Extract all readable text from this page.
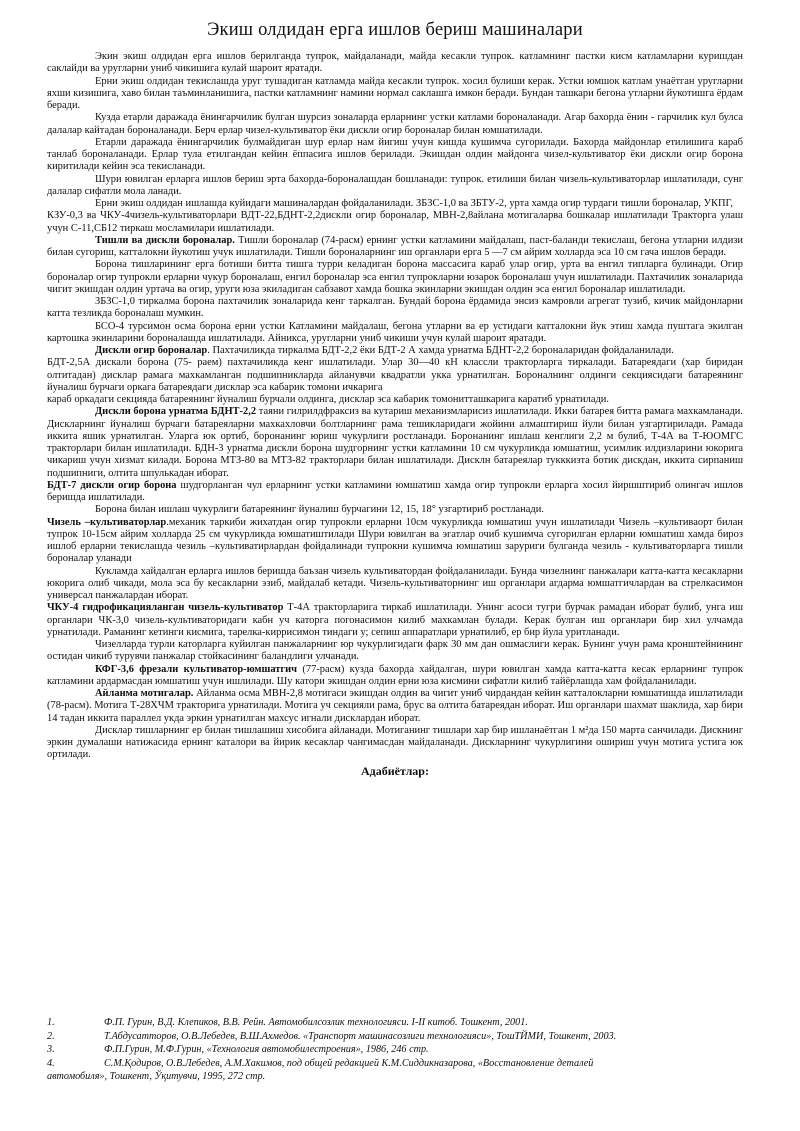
Экиш олдидан ерга ишлов бериш машиналари

Экин экиш олдидан ерга ишлов берилганда тупрок, майдаланади, майда кесакли тупрок. катламнинг пастки кисм катламларни куришдан саклайди ва уругларни униб чикишига кулай шароит яратади.

Ерни экиш олдидан текислашда уруг тушадиган катламда майда кесакли тупрок. хосил булиши керак. Устки юмшок катлам унаётган уругларни яхши кизишига, хаво билан таъминланишига, пастки катламнинг намини нормал саклашга имкон беради. Бундан ташкари бегона утларни йукотишга ёрдам беради.

Кузда етарли даражада ёнингарчилик булган шурсиз зоналарда ерларнинг устки катлами бороналанади. Агар бахорда ёнин - гарчилик кул булса далалар кайтадан бороналанади. Берч ерлар чизел-культиватор ёки дискли огир бороналар билан юмшатилади.

Етарли даражада ёнингарчилик булмайдиган шур ерлар нам йигиш учун кишда кушимча сугорилади. Бахорда майдонлар етилишига караб танлаб бороналанади. Ерлар тула етилгандан кейин ёппасига ишлов берилади. Экишдан олдин майдонга чизел-культиватор ёки дискли огир борона киритилади кейин эса текисланади.

Шури ювилган ерларга ишлов бериш эрта бахорда-бороналашдан бошланади: тупрок. етилиши билан чизель-культиваторлар ишлатилади, сунг далалар сифатли мола ланади.

Ерни экиш олдидан ишлашда куйидаги машиналардан фойдаланилади. ЗБЗС-1,0 ва ЗБТУ-2, урта хамда огир турдаги тишли бороналар, УКПГ,

КЗУ-0,3 ва ЧКУ-4чизель-культиваторлари ВДТ-22,БДНТ-2,2дискли огир бороналар, МВН-2,8айлана мотигаларва бошкалар ишлатилади Тракторга улаш учун С-11,СБ12 тиркаш мосламилари ишлатилади.

Тишли ва дискли бороналар. Тишли бороналар (74-расм) ернинг устки катламини майдалаш, паст-баланди текислаш, бегона утларни илдизи билан сугориш, катталокни йукотиш учук ишлатилади. Тишли бороналарнинг иш органлари ерга 5 —7 см айрим холларда эса 10 см гача ишлов беради.

Борона тишларининг ерга ботиши битта тишга турри келадиган борона массасига караб улар огир, урта ва енгил типларга булинади. Огир бороналар огир тупрокли ерларни чукур бороналаш, енгил бороналар эса енгил тупрокларни юзарок бороналаш учун ишлатилади. Пахтачилик зоналарида чигит экишдан олдин уртача ва огир, уруги юза экиладиган сабзавот хамда бошка экинларни экишдан олдин эса енгил бороналар ишлатилади.

ЗБЗС-1,0 тиркалма борона пахтачилик зоналарида кенг таркалган. Бундай борона ёрдамида энсиз камровли агрегат тузиб, кичик майдонларни катта тезликда бороналаш мумкин.

БСО-4 турсимон осма борона ерни устки Катламини майдалаш, бегона утларни ва ер устидаги катталокни йук этиш хамда пуштага экилган картошка экинларини бороналашда ишлатилади. Айникса, уругларни униб чикиши учун кулай шароит яратади.

Дискли огир бороналар. Пахтачиликда тиркалма БДТ-2,2 ёки БДТ-2 А хамда урнатма БДНТ-2,2 бороналаридан фойдаланилади.

БДТ-2,5А дискали борона (75- раем) пахтачиликда кенг ишлатилади. Улар 30—40 кН классли тракторларга тиркалади. Батареядаги (хар биридан олтитадан) дисклар рамага махкамланган подшипникларда айланувчи квадратли укка урнатилган. Бороналнинг олдинги секциясидаги батареянинг йуналиш бурчаги оркага батареядаги дисклар эса кабарик томони ичкарига

караб оркадаги секцияда батареянинг йуналиш бурчали олдинга, дисклар эса кабарик томонитташкарига каратиб урнатилади.

Дискли борона урнатма БДНТ-2,2 таяни гилрилдфраксиз ва кутариш механизмларисиз ишлатилади. Икки батарея битта рамага махкамланади. Дискларнинг йуналиш бурчаги батареяларни махкахловчи болтларнинг рама тешикларидаги жойини алмаштириш йули билан узгартирилади. Рамада иккита яшик урнатилган. Уларга юк ортиб, боронанинг юриш чукурлиги ростланади. Боронанинг ишлаш кенглиги 2,2 м булиб, Т-4А ва Т-ЮОМГС тракторлари билан ишлатилади. БДН-3 урнатма дискли борона шудгорнинг устки катламини 10 см чукурликда юмшатиш, усимлик илдизларини юкорига чикариш учун хизмат килади. Борона МТЗ-80 ва МТЗ-82 тракторлари билан ишлатилади. Дисклн батареялар тукккизта ботик дискдан, иккита сирпаниш подшипниги, олтита шпулькадан иборат.

БДТ-7 дискли огир борона шудгорланган чул ерларнинг устки катламини юмшатиш хамда огир тупрокли ерларга хосил йиршштириб олингач ишлов беришда ишлатилади.

Борона билан ишлаш чукурлиги батареянинг йуналиш бурчагини 12, 15, 18° узгартириб ростланади.

Чизель –культиваторлар.механик таркиби жихатдан огир тупрокли ерларни 10см чукурликда юмшатиш учун ишлатилади Чизель –культиваорт билан тупрок 10-15см айрим холларда 25 см чукурликда юмшатиштилади Шури ювилган ва эгатлар очиб кушимча сугорилган ерларни юмшатиш хамда бироз ишлоб ерларни текислашда чезиль –культиватирлардан фойдалинади тупрокни кушимча юмшатиш заруриги булганда чезиль - культиваторларга тишли бороналар уланади

Кукламда хайдалган ерларга ишлов беришда баъзан чизель культиватордан фойдаланилади. Бунда чизелнинг панжалари катта-катта кесакларни юкорига олиб чикади, мола эса бу кесакларни эзиб, майдалаб кетади. Чизель-культиваторнинг иш органлари агдарма юмшатгичлардан ва стрелкасимон универсал панжалардан иборат.

ЧКУ-4 гидрофикацияланган чизель-культиватор Т-4А тракторларига тиркаб ишлатилади. Унинг асоси тугри бурчак рамадан иборат булиб, унга иш органлари ЧК-3,0 чизель-культиваторидаги кабн уч каторга погонасимон килиб махкамлан булади. Керак булган иш органлари бир хил улчамда урнатилади. Раманинг кетинги кисмига, тарелка-киррисимон тиндаги у; сепиш аппаратлари урнатилиб, ер бир йула уритланади.

Чизелларда турли каторларга куйилган панжаларнинг юр чукурлигидаги фарк 30 мм дан ошмаслиги керак. Бунинг учун рама кронштейнининг остидан чикиб турувчи панжалар стойкасининг баландлиги улчанади.

КФГ-3,6 фрезали культиватор-юмшатгич (77-расм) кузда бахорда хайдалган, шури ювилган хамда катта-катта кесак ерларнинг тупрок катламини ардармасдан юмшатиш учун ишлилади. Шу катори экишдан олдин ерни юза кисмини сифатли килиб тайёрлашда хам фойдаланилади.

Айланма мотигалар. Айланма осма МВН-2,8 мотигаси экишдан олдин ва чигит униб чирдандан кейин катталокларни юмшатишда ишлатилади (78-расм). Мотига Т-28ХЧМ тракторига урнатилади. Мотига уч секцияли рама, брус ва олтита батареядан иборат. Иш органлари шахмат шаклида, хар бири 14 тадан иккита параллел укда эркин урнатилган махсус игнали дисклардан иборат.

Дисклар тишларнинг ер билан тишлашиш хисобига айланади. Мотиганинг тишлари хар бир ишланаётган 1 м²да 150 марта санчилади. Дискнинг эркин думалаши натижасида ернинг каталори ва йирик кесаклар чангимасдан майдаланади. Дискларнинг чукурлигини ошириш учун мотига устига юк ортилади.

Адабиётлар:
1.	Ф.П. Гурин, В.Д. Клепиков, В.В. Рейн. Автомобилсозлик технологияси. I-II китоб. Тошкент, 2001.
2.	Т.Абдусатторов, О.В.Лебедев, В.Ш.Ахмедов. «Транспорт машинасозлиги технологияси», ТошТЙМИ, Тошкент, 2003.
3.	Ф.П.Гурин, М.Ф.Гурин, «Технология автомобилестроения», 1986, 246 стр.
4.	С.М.Қодиров, О.В.Лебедев, А.М.Хакимов, под общей редакцией К.М.Сиддикназарова, «Восстановление деталей
автомобиля», Тошкент, Ўқитувчи, 1995, 272 стр.
